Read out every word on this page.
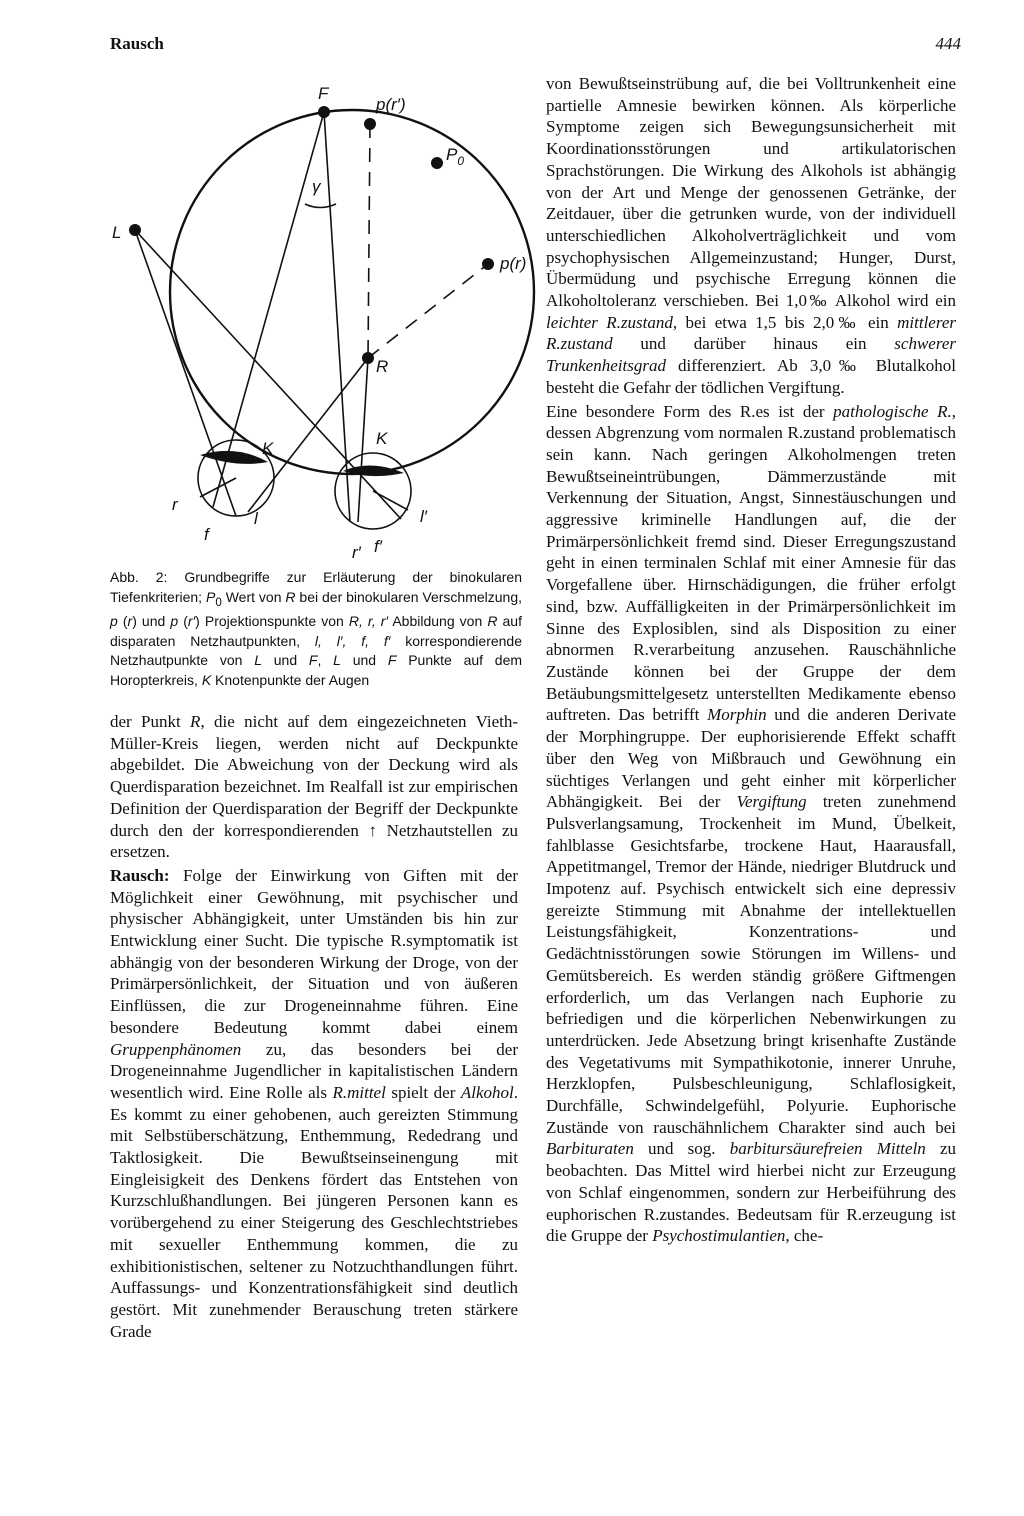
Rausch	444
F
p(r′)
$P_0$
p(r)
L
γ
R
K
K
r
f
l	l′
r′ f′
Abb. 2: Grundbegriffe zur Erläuterung der binokularen Tiefenkriterien; $P_0$ Wert von R bei der binokularen Verschmelzung, p (r) und p (r′) Projektionspunkte von R, r, r′ Abbildung von R auf disparaten Netzhautpunkten, l, l′, f, f′ korrespondierende Netzhautpunkte von L und F, L und F Punkte auf dem Horopterkreis, K Knotenpunkte der Augen

der Punkt R, die nicht auf dem eingezeichneten Vieth-Müller-Kreis liegen, werden nicht auf Deckpunkte abgebildet. Die Abweichung von der Deckung wird als Querdisparation bezeichnet. Im Realfall ist zur empirischen Definition der Querdisparation der Begriff der Deckpunkte durch den der korrespondierenden ↑ Netzhautstellen zu ersetzen.

Rausch: Folge der Einwirkung von Giften mit der Möglichkeit einer Gewöhnung, mit psychischer und physischer Abhängigkeit, unter Umständen bis hin zur Entwicklung einer Sucht. Die typische R.symptomatik ist abhängig von der besonderen Wirkung der Droge, von der Primärpersönlichkeit, der Situation und von äußeren Einflüssen, die zur Drogeneinnahme führen. Eine besondere Bedeutung kommt dabei einem Gruppenphänomen zu, das besonders bei der Drogeneinnahme Jugendlicher in kapitalistischen Ländern wesentlich wird. Eine Rolle als R.mittel spielt der Alkohol. Es kommt zu einer gehobenen, auch gereizten Stimmung mit Selbstüberschätzung, Enthemmung, Rededrang und Taktlosigkeit. Die Bewußtseinseinengung mit Eingleisigkeit des Denkens fördert das Entstehen von Kurzschlußhandlungen. Bei jüngeren Personen kann es vorübergehend zu einer Steigerung des Geschlechtstriebes mit sexueller Enthemmung kommen, die zu exhibitionistischen, seltener zu Notzuchthandlungen führt. Auffassungs- und Konzentrationsfähigkeit sind deutlich gestört. Mit zunehmender Berauschung treten stärkere Grade

von Bewußtseinstrübung auf, die bei Volltrunkenheit eine partielle Amnesie bewirken können. Als körperliche Symptome zeigen sich Bewegungsunsicherheit mit Koordinationsstörungen und artikulatorischen Sprachstörungen. Die Wirkung des Alkohols ist abhängig von der Art und Menge der genossenen Getränke, der Zeitdauer, über die getrunken wurde, von der individuell unterschiedlichen Alkoholverträglichkeit und vom psychophysischen Allgemeinzustand; Hunger, Durst, Übermüdung und psychische Erregung können die Alkoholtoleranz verschieben. Bei 1,0‰ Alkohol wird ein leichter R.zustand, bei etwa 1,5 bis 2,0‰ ein mittlerer R.zustand und darüber hinaus ein schwerer Trunkenheitsgrad differenziert. Ab 3,0‰ Blutalkohol besteht die Gefahr der tödlichen Vergiftung.

Eine besondere Form des R.es ist der pathologische R., dessen Abgrenzung vom normalen R.zustand problematisch sein kann. Nach geringen Alkoholmengen treten Bewußtseineintrübungen, Dämmerzustände mit Verkennung der Situation, Angst, Sinnestäuschungen und aggressive kriminelle Handlungen auf, die der Primärpersönlichkeit fremd sind. Dieser Erregungszustand geht in einen terminalen Schlaf mit einer Amnesie für das Vorgefallene über. Hirnschädigungen, die früher erfolgt sind, bzw. Auffälligkeiten in der Primärpersönlichkeit im Sinne des Explosiblen, sind als Disposition zu einer abnormen R.verarbeitung anzusehen. Rauschähnliche Zustände können bei der Gruppe der dem Betäubungsmittelgesetz unterstellten Medikamente ebenso auftreten. Das betrifft Morphin und die anderen Derivate der Morphingruppe. Der euphorisierende Effekt schafft über den Weg von Mißbrauch und Gewöhnung ein süchtiges Verlangen und geht einher mit körperlicher Abhängigkeit. Bei der Vergiftung treten zunehmend Pulsverlangsamung, Trockenheit im Mund, Übelkeit, fahlblasse Gesichtsfarbe, trockene Haut, Haarausfall, Appetitmangel, Tremor der Hände, niedriger Blutdruck und Impotenz auf. Psychisch entwickelt sich eine depressiv gereizte Stimmung mit Abnahme der intellektuellen Leistungsfähigkeit, Konzentrations- und Gedächtnisstörungen sowie Störungen im Willens- und Gemütsbereich. Es werden ständig größere Giftmengen erforderlich, um das Verlangen nach Euphorie zu befriedigen und die körperlichen Nebenwirkungen zu unterdrücken. Jede Absetzung bringt krisenhafte Zustände des Vegetativums mit Sympathikotonie, innerer Unruhe, Herzklopfen, Pulsbeschleunigung, Schlaflosigkeit, Durchfälle, Schwindelgefühl, Polyurie. Euphorische Zustände von rauschähnlichem Charakter sind auch bei Barbituraten und sog. barbitursäurefreien Mitteln zu beobachten. Das Mittel wird hierbei nicht zur Erzeugung von Schlaf eingenommen, sondern zur Herbeiführung des euphorischen R.zustandes. Bedeutsam für R.erzeugung ist die Gruppe der Psychostimulantien, che-
